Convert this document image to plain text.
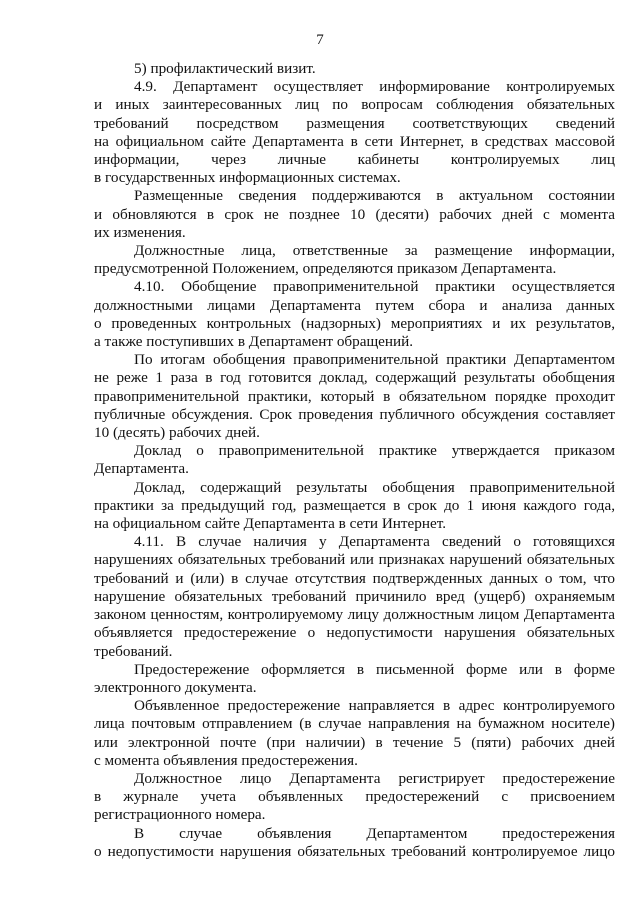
7
5) профилактический визит.
4.9. Департамент осуществляет информирование контролируемых
и иных заинтересованных лиц по вопросам соблюдения обязательных
требований посредством размещения соответствующих сведений
на официальном сайте Департамента в сети Интернет, в средствах массовой
информации, через личные кабинеты контролируемых лиц
в государственных информационных системах.
Размещенные сведения поддерживаются в актуальном состоянии
и обновляются в срок не позднее 10 (десяти) рабочих дней с момента
их изменения.
Должностные лица, ответственные за размещение информации,
предусмотренной Положением, определяются приказом Департамента.
4.10. Обобщение правоприменительной практики осуществляется
должностными лицами Департамента путем сбора и анализа данных
о проведенных контрольных (надзорных) мероприятиях и их результатов,
а также поступивших в Департамент обращений.
По итогам обобщения правоприменительной практики Департаментом
не реже 1 раза в год готовится доклад, содержащий результаты обобщения
правоприменительной практики, который в обязательном порядке проходит
публичные обсуждения. Срок проведения публичного обсуждения составляет
10 (десять) рабочих дней.
Доклад о правоприменительной практике утверждается приказом
Департамента.
Доклад, содержащий результаты обобщения правоприменительной
практики за предыдущий год, размещается в срок до 1 июня каждого года,
на официальном сайте Департамента в сети Интернет.
4.11. В случае наличия у Департамента сведений о готовящихся
нарушениях обязательных требований или признаках нарушений обязательных
требований и (или) в случае отсутствия подтвержденных данных о том, что
нарушение обязательных требований причинило вред (ущерб) охраняемым
законом ценностям, контролируемому лицу должностным лицом Департамента
объявляется предостережение о недопустимости нарушения обязательных
требований.
Предостережение оформляется в письменной форме или в форме
электронного документа.
Объявленное предостережение направляется в адрес контролируемого
лица почтовым отправлением (в случае направления на бумажном носителе)
или электронной почте (при наличии) в течение 5 (пяти) рабочих дней
с момента объявления предостережения.
Должностное лицо Департамента регистрирует предостережение
в журнале учета объявленных предостережений с присвоением
регистрационного номера.
В случае объявления Департаментом предостережения
о недопустимости нарушения обязательных требований контролируемое лицо
